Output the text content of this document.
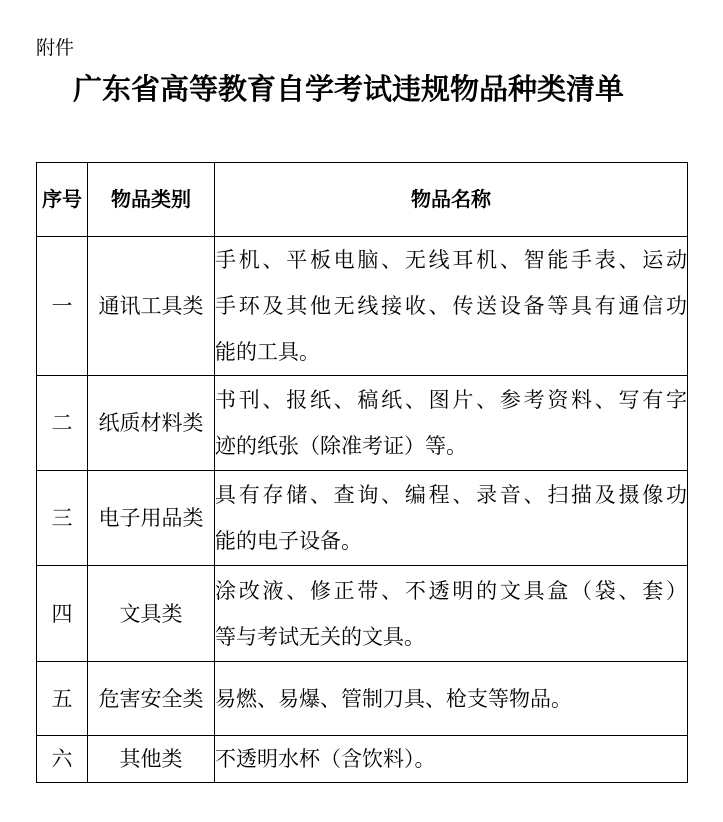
附件
广东省高等教育自学考试违规物品种类清单
序号	物品类别	物品名称
一	通讯工具类	手机、平板电脑、无线耳机、智能手表、运动
手环及其他无线接收、传送设备等具有通信功
能的工具。

二	纸质材料类	书刊、报纸、稿纸、图片、参考资料、写有字
迹的纸张（除准考证）等。

三	电子用品类	具有存储、查询、编程、录音、扫描及摄像功
能的电子设备。

四	文具类	涂改液、修正带、不透明的文具盒（袋、套）
等与考试无关的文具。

五	危害安全类	易燃、易爆、管制刀具、枪支等物品。

六	其他类	不透明水杯（含饮料）。
